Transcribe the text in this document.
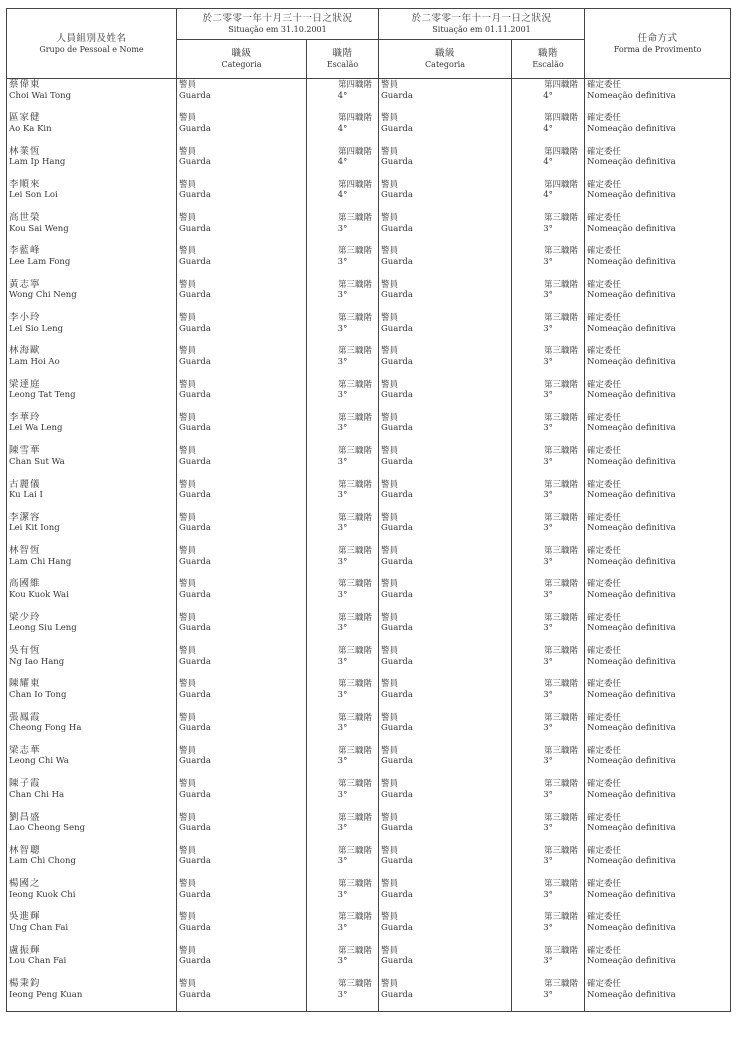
人員組別及姓名
Grupo de Pessoal e Nome	於二零零一年十月三十一日之狀況
Situação em 31.10.2001		於二零零一年十一月一日之狀況
Situação em 01.11.2001		任命方式
Forma de Provimento

	職級
Categoria	職階
Escalão	職級
Categoria	職階
Escalão	

蔡偉東
Choi Wai Tong	警員
Guarda	第四職階
4°	警員
Guarda	第四職階
4°	確定委任
Nomeação definitiva

區家健
Ao Ka Kin	警員
Guarda	第四職階
4°	警員
Guarda	第四職階
4°	確定委任
Nomeação definitiva

林業恆
Lam Ip Hang	警員
Guarda	第四職階
4°	警員
Guarda	第四職階
4°	確定委任
Nomeação definitiva

李順來
Lei Son Loi	警員
Guarda	第四職階
4°	警員
Guarda	第四職階
4°	確定委任
Nomeação definitiva

高世榮
Kou Sai Weng	警員
Guarda	第三職階
3°	警員
Guarda	第三職階
3°	確定委任
Nomeação definitiva

李藍峰
Lee Lam Fong	警員
Guarda	第三職階
3°	警員
Guarda	第三職階
3°	確定委任
Nomeação definitiva

黃志寧
Wong Chi Neng	警員
Guarda	第三職階
3°	警員
Guarda	第三職階
3°	確定委任
Nomeação definitiva

李小玲
Lei Sio Leng	警員
Guarda	第三職階
3°	警員
Guarda	第三職階
3°	確定委任
Nomeação definitiva

林海歐
Lam Hoi Ao	警員
Guarda	第三職階
3°	警員
Guarda	第三職階
3°	確定委任
Nomeação definitiva

梁達庭
Leong Tat Teng	警員
Guarda	第三職階
3°	警員
Guarda	第三職階
3°	確定委任
Nomeação definitiva

李華玲
Lei Wa Leng	警員
Guarda	第三職階
3°	警員
Guarda	第三職階
3°	確定委任
Nomeação definitiva

陳雪華
Chan Sut Wa	警員
Guarda	第三職階
3°	警員
Guarda	第三職階
3°	確定委任
Nomeação definitiva

古麗儀
Ku Lai I	警員
Guarda	第三職階
3°	警員
Guarda	第三職階
3°	確定委任
Nomeação definitiva

李潔容
Lei Kit Iong	警員
Guarda	第三職階
3°	警員
Guarda	第三職階
3°	確定委任
Nomeação definitiva

林智恆
Lam Chi Hang	警員
Guarda	第三職階
3°	警員
Guarda	第三職階
3°	確定委任
Nomeação definitiva

高國維
Kou Kuok Wai	警員
Guarda	第三職階
3°	警員
Guarda	第三職階
3°	確定委任
Nomeação definitiva

梁少玲
Leong Siu Leng	警員
Guarda	第三職階
3°	警員
Guarda	第三職階
3°	確定委任
Nomeação definitiva

吳有恆
Ng Iao Hang	警員
Guarda	第三職階
3°	警員
Guarda	第三職階
3°	確定委任
Nomeação definitiva

陳耀東
Chan Io Tong	警員
Guarda	第三職階
3°	警員
Guarda	第三職階
3°	確定委任
Nomeação definitiva

張鳳霞
Cheong Fong Ha	警員
Guarda	第三職階
3°	警員
Guarda	第三職階
3°	確定委任
Nomeação definitiva

梁志華
Leong Chi Wa	警員
Guarda	第三職階
3°	警員
Guarda	第三職階
3°	確定委任
Nomeação definitiva

陳子霞
Chan Chi Ha	警員
Guarda	第三職階
3°	警員
Guarda	第三職階
3°	確定委任
Nomeação definitiva

劉昌盛
Lao Cheong Seng	警員
Guarda	第三職階
3°	警員
Guarda	第三職階
3°	確定委任
Nomeação definitiva

林智聰
Lam Chi Chong	警員
Guarda	第三職階
3°	警員
Guarda	第三職階
3°	確定委任
Nomeação definitiva

楊國之
Ieong Kuok Chi	警員
Guarda	第三職階
3°	警員
Guarda	第三職階
3°	確定委任
Nomeação definitiva

吳進輝
Ung Chan Fai	警員
Guarda	第三職階
3°	警員
Guarda	第三職階
3°	確定委任
Nomeação definitiva

盧振輝
Lou Chan Fai	警員
Guarda	第三職階
3°	警員
Guarda	第三職階
3°	確定委任
Nomeação definitiva

楊秉鈞
Ieong Peng Kuan	警員
Guarda	第三職階
3°	警員
Guarda	第三職階
3°	確定委任
Nomeação definitiva
